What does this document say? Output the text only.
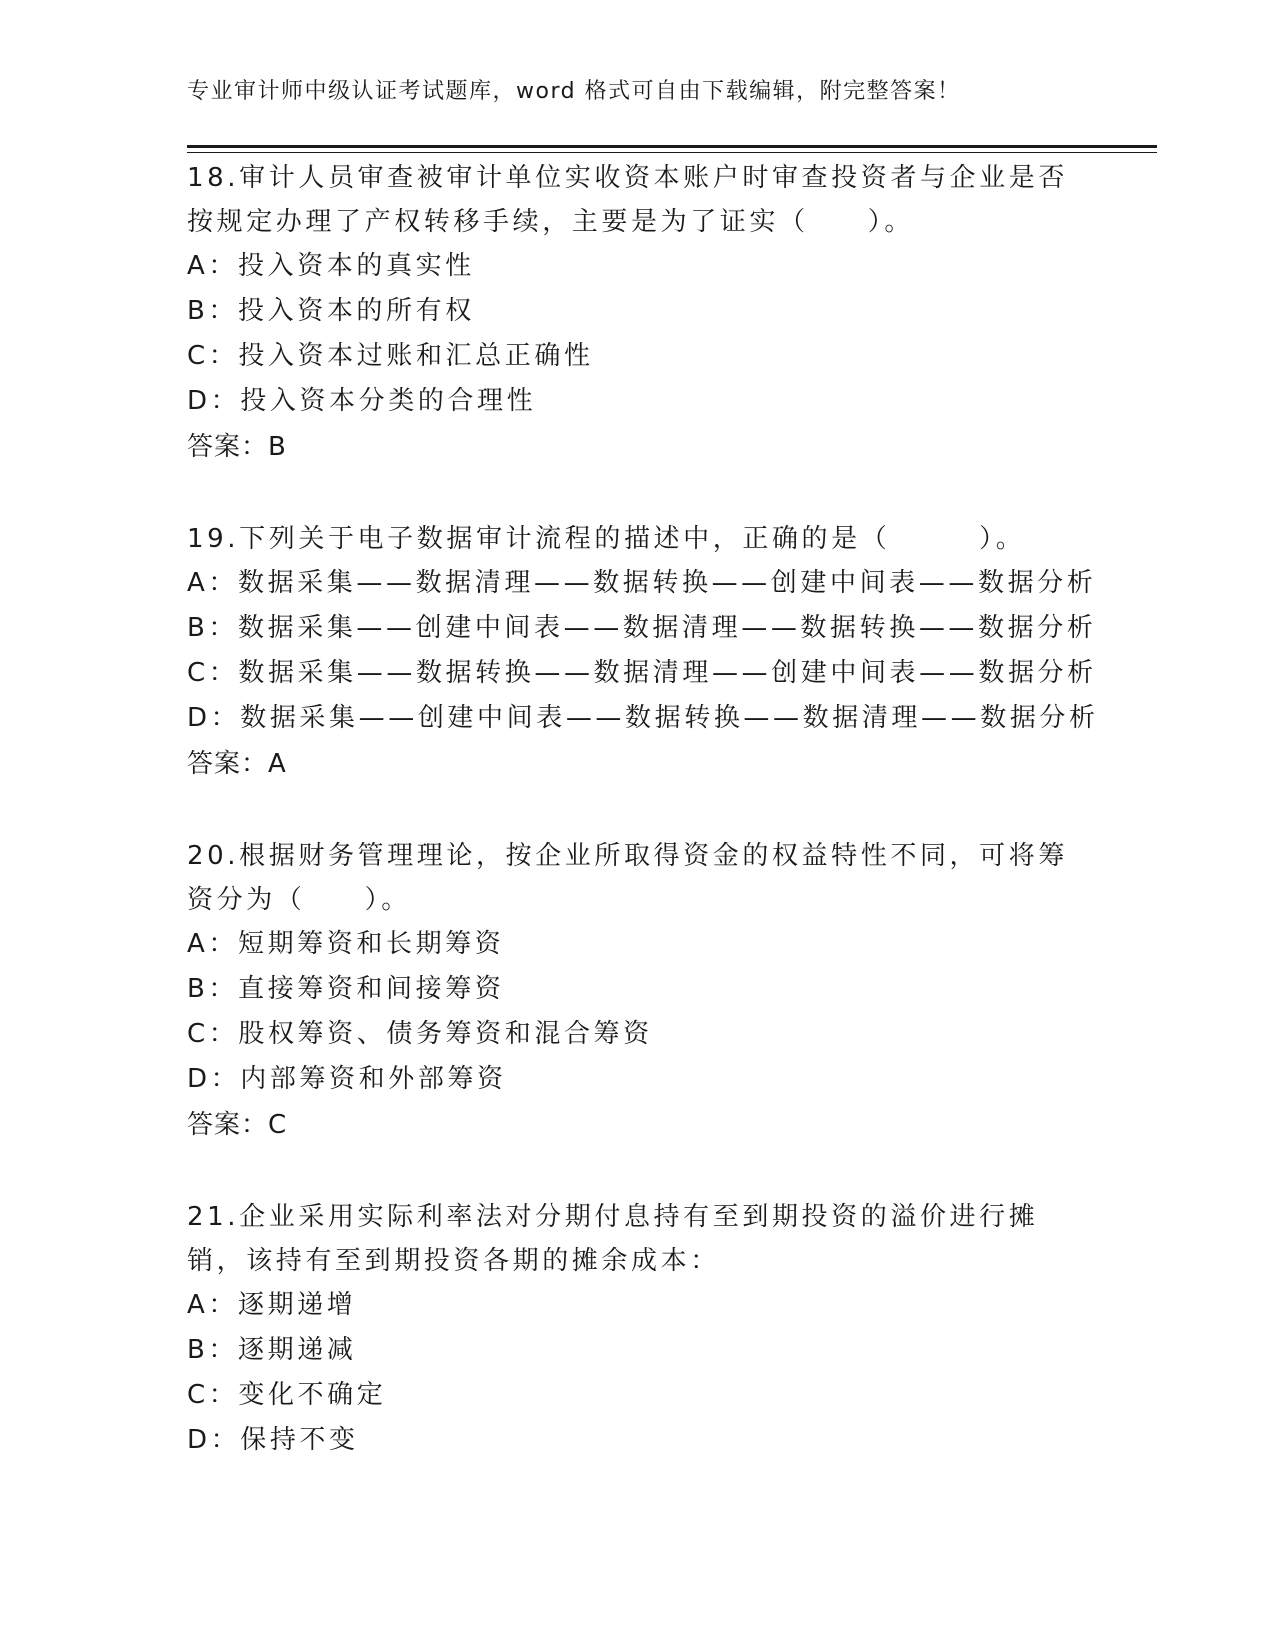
专业审计师中级认证考试题库，word 格式可自由下载编辑，附完整答案！
18.审计人员审查被审计单位实收资本账户时审查投资者与企业是否按规定办理了产权转移手续，主要是为了证实（　　）。
A：投入资本的真实性
B：投入资本的所有权
C：投入资本过账和汇总正确性
D：投入资本分类的合理性
答案：B
19.下列关于电子数据审计流程的描述中，正确的是（　　　）。
A：数据采集——数据清理——数据转换——创建中间表——数据分析
B：数据采集——创建中间表——数据清理——数据转换——数据分析
C：数据采集——数据转换——数据清理——创建中间表——数据分析
D：数据采集——创建中间表——数据转换——数据清理——数据分析
答案：A
20.根据财务管理理论，按企业所取得资金的权益特性不同，可将筹资分为（　　）。
A：短期筹资和长期筹资
B：直接筹资和间接筹资
C：股权筹资、债务筹资和混合筹资
D：内部筹资和外部筹资
答案：C
21.企业采用实际利率法对分期付息持有至到期投资的溢价进行摊销，该持有至到期投资各期的摊余成本：
A：逐期递增
B：逐期递减
C：变化不确定
D：保持不变
